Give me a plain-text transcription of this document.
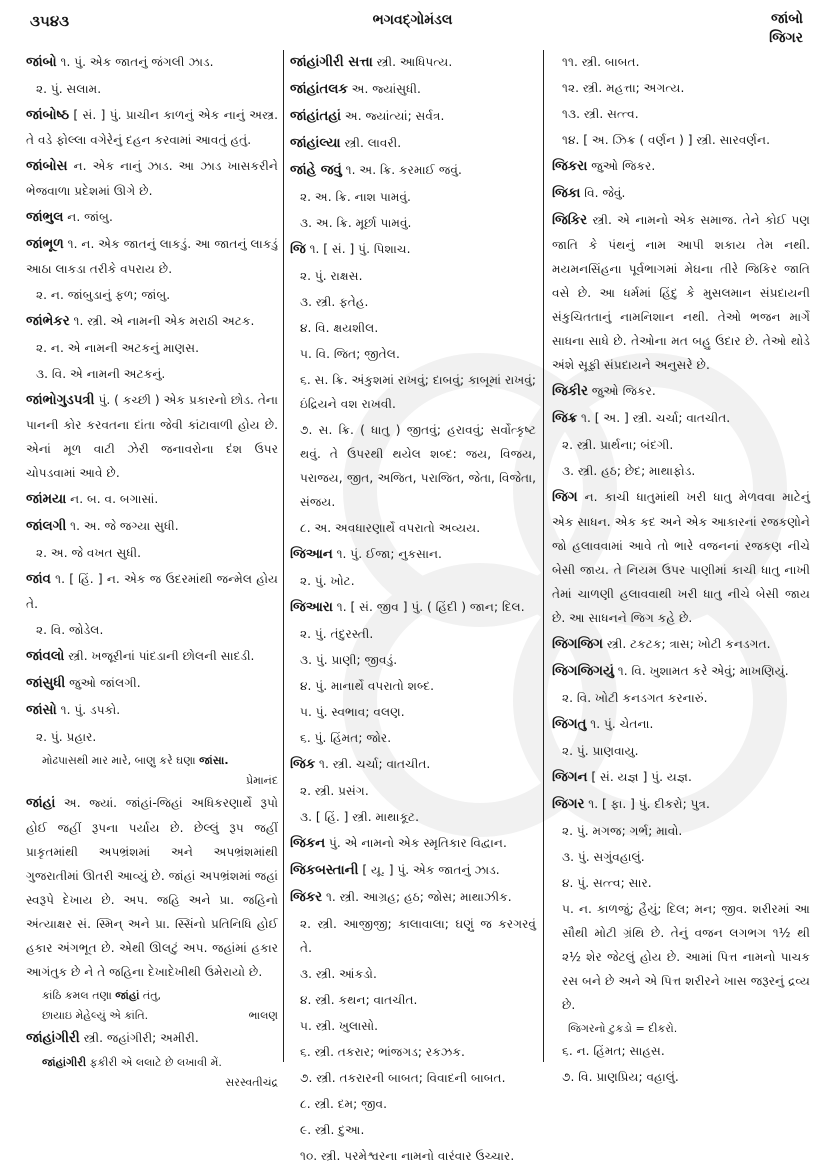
૩૫૪૩	ભગવદ્ગોમંડલ	જાંબો
જિગર
જાંબો ૧. પું. એક જાતનું જંગલી ઝાડ.
૨. પું. સલામ.
જાંબોષ્ઠ [ સં. ] પું. પ્રાચીન કાળનું એક નાનું અસ્ત્ર. તે વડે ફોલ્લા વગેરેનું દહન કરવામાં આવતું હતું.
જાંબોસ ન. એક નાનું ઝાડ. આ ઝાડ ખાસકરીને ભેજવાળા પ્રદેશમાં ઊગે છે.
જાંભુલ ન. જાંબુ.
જાંભૂળ ૧. ન. એક જાતનું લાકડું. આ જાતનું લાકડું આઠા લાકડા તરીકે વપરાય છે.
૨. ન. જાંબુડાનું ફળ; જાંબુ.
જાંભેકર ૧. સ્ત્રી. એ નામની એક મરાઠી અટક.
૨. ન. એ નામની અટકનું માણસ.
૩. વિ. એ નામની અટકનું.
જાંભોગુડપત્રી પું. ( કચ્છી ) એક પ્રકારનો છોડ. તેના પાનની કોર કરવતના દાંતા જેવી કાંટાવાળી હોય છે. એનાં મૂળ વાટી ઝેરી જનાવરોના દંશ ઉપર ચોપડવામાં આવે છે.
જાંમયા ન. બ. વ. બગાસાં.
જાંલગી ૧. અ. જે જગ્યા સુધી.
૨. અ. જે વખત સુધી.
જાંવ ૧. [ હિં. ] ન. એક જ ઉદરમાંથી જન્મેલ હોય તે.
૨. વિ. જોડેલ.
જાંવલો સ્ત્રી. ખજૂરીનાં પાંદડાની છોલની સાદડી.
જાંસુધી જુઓ જાંલગી.
જાંસો ૧. પું. ડપકો.
૨. પું. પ્રહાર.
મોઢપાસથી માર મારે, બાણુ કરે ઘણા જાંસા.
પ્રેમાનંદ
જાંહાં અ. જ્યાં. જાંહાં-જિહાં અધિકરણાર્થે રૂપો હોઈ જહીં રૂપના પર્યાય છે. છેલ્લું રૂપ જહીં પ્રાકૃતમાંથી અપભ્રંશમાં અને અપભ્રંશમાંથી ગુજરાતીમાં ઊતરી આવ્યું છે. જાંહાં અપભ્રંશમાં જહાં સ્વરૂપે દેખાય છે. અપ. જહિ અને પ્રા. જહિનો અંત્યાક્ષર સં. સ્મિન્ અને પ્રા. સ્સિંનો પ્રતિનિધિ હોઈ હકાર અંગભૂત છે. એથી ઊલટું અપ. જહાંમાં હકાર આગંતુક છે ને તે જહિના દેખાદેખીથી ઉમેરાયો છે.
કાંઠિ કમલ તણા જાંહાં તંતુ,
છાયાઇ મેહેલ્યું એ કાંતિ.	ભાલણ
જાંહાંગીરી સ્ત્રી. જહાંગીરી; અમીરી.
જાંહાંગીરી ફકીરી એ લલાટે છે લખાવી મેં.
સરસ્વતીચંદ્ર
જાંહાંગીરી સત્તા સ્ત્રી. આધિપત્ય.
જાંહાંતલક અ. જ્યાંસુધી.
જાંહાંતહાં અ. જ્યાંત્યાં; સર્વત્ર.
જાંહાંલ્યા સ્ત્રી. લાવરી.
જાંહે જવું ૧. અ. ક્રિ. કરમાઈ જવું.
૨. અ. ક્રિ. નાશ પામવું.
૩. અ. ક્રિ. મૂર્છા પામવું.
જિ ૧. [ સં. ] પું. પિશાચ.
૨. પું. રાક્ષસ.
૩. સ્ત્રી. ફતેહ.
૪. વિ. ક્ષયશીલ.
૫. વિ. જિત; જીતેલ.
૬. સ. ક્રિ. અંકુશમાં રાખવું; દાબવું; કાબૂમાં રાખવું; ઇંદ્રિયને વશ રાખવી.
૭. સ. ક્રિ. ( ધાતુ ) જીતવું; હરાવવું; સર્વોત્કૃષ્ટ થવું. તે ઉપરથી થયેલ શબ્દ: જય, વિજય, પરાજય, જીત, અજિત, પરાજિત, જેતા, વિજેતા, સંજય.
૮. અ. અવધારણાર્થે વપરાતો અવ્યય.
જિઆન ૧. પું. ઈજા; નુકસાન.
૨. પું. ખોટ.
જિઆરા ૧. [ સં. જીવ ] પું. ( હિંદી ) જાન; દિલ.
૨. પું. તંદુરસ્તી.
૩. પું. પ્રાણી; જીવડું.
૪. પું. માનાર્થે વપરાતો શબ્દ.
૫. પું. સ્વભાવ; વલણ.
૬. પું. હિંમત; જોર.
જિક ૧. સ્ત્રી. ચર્ચા; વાતચીત.
૨. સ્ત્રી. પ્રસંગ.
૩. [ હિં. ] સ્ત્રી. માથાકૂટ.
જિકન પું. એ નામનો એક સ્મૃતિકાર વિદ્વાન.
જિકબસ્તાની [ યૂ. ] પું. એક જાતનું ઝાડ.
જિકર ૧. સ્ત્રી. આગ્રહ; હઠ; જોસ; માથાઝીક.
૨. સ્ત્રી. આજીજી; કાલાવાલા; ઘણું જ કરગરવું તે.
૩. સ્ત્રી. આંકડો.
૪. સ્ત્રી. કથન; વાતચીત.
૫. સ્ત્રી. ખુલાસો.
૬. સ્ત્રી. તકરાર; ભાંજગડ; રકઝક.
૭. સ્ત્રી. તકરારની બાબત; વિવાદની બાબત.
૮. સ્ત્રી. દમ; જીવ.
૯. સ્ત્રી. દુઆ.
૧૦. સ્ત્રી. પરમેશ્વરના નામનો વારંવાર ઉચ્ચાર.
૧૧. સ્ત્રી. બાબત.
૧૨. સ્ત્રી. મહત્તા; અગત્ય.
૧૩. સ્ત્રી. સત્ત્વ.
૧૪. [ અ. ઝિક્ર ( વર્ણન ) ] સ્ત્રી. સારવર્ણન.
જિકરા જુઓ જિકર.
જિકા વિ. જેવું.
જિકિર સ્ત્રી. એ નામનો એક સમાજ. તેને કોઈ પણ જાતિ કે પંથનું નામ આપી શકાય તેમ નથી. મયમનસિંહના પૂર્વભાગમાં મેઘના તીરે જિકિર જાતિ વસે છે. આ ધર્મમાં હિંદુ કે મુસલમાન સંપ્રદાયની સંકુચિતતાનું નામનિશાન નથી. તેઓ ભજન માર્ગે સાધના સાધે છે. તેઓના મત બહુ ઉદાર છે. તેઓ થોડે અંશે સૂફી સંપ્રદાયને અનુસરે છે.
જિકીર જુઓ જિકર.
જિક્ર ૧. [ અ. ] સ્ત્રી. ચર્ચા; વાતચીત.
૨. સ્ત્રી. પ્રાર્થના; બંદગી.
૩. સ્ત્રી. હઠ; છેદ; માથાફોડ.
જિગ ન. કાચી ધાતુમાંથી ખરી ધાતુ મેળવવા માટેનું એક સાધન. એક કદ અને એક આકારનાં રજકણોને જો હલાવવામાં આવે તો ભારે વજનનાં રજકણ નીચે બેસી જાય. તે નિયમ ઉપર પાણીમાં કાચી ધાતુ નાખી તેમાં ચાળણી હલાવવાથી ખરી ધાતુ નીચે બેસી જાય છે. આ સાધનને જિગ કહે છે.
જિગજિગ સ્ત્રી. ટકટક; ત્રાસ; ખોટી કનડગત.
જિગજિગયું ૧. વિ. ખુશામત કરે એવું; માખણિયું.
૨. વિ. ખોટી કનડગત કરનારું.
જિગતુ ૧. પું. ચેતના.
૨. પું. પ્રાણવાયુ.
જિગન [ સં. યજ્ઞ ] પું. યજ્ઞ.
જિગર ૧. [ ફા. ] પું. દીકરો; પુત્ર.
૨. પું. મગજ; ગર્ભ; માવો.
૩. પું. સગુંવહાલું.
૪. પું. સત્ત્વ; સાર.
૫. ન. કાળજું; હૈયું; દિલ; મન; જીવ. શરીરમાં આ સૌથી મોટી ગ્રંથિ છે. તેનું વજન લગભગ ૧½ થી ૨½ શેર જેટલું હોય છે. આમાં પિત્ત નામનો પાચક રસ બને છે અને એ પિત્ત શરીરને ખાસ જરૂરનું દ્રવ્ય છે.
જિગરનો ટુકડો = દીકરો.
૬. ન. હિંમત; સાહસ.
૭. વિ. પ્રાણપ્રિય; વહાલું.
